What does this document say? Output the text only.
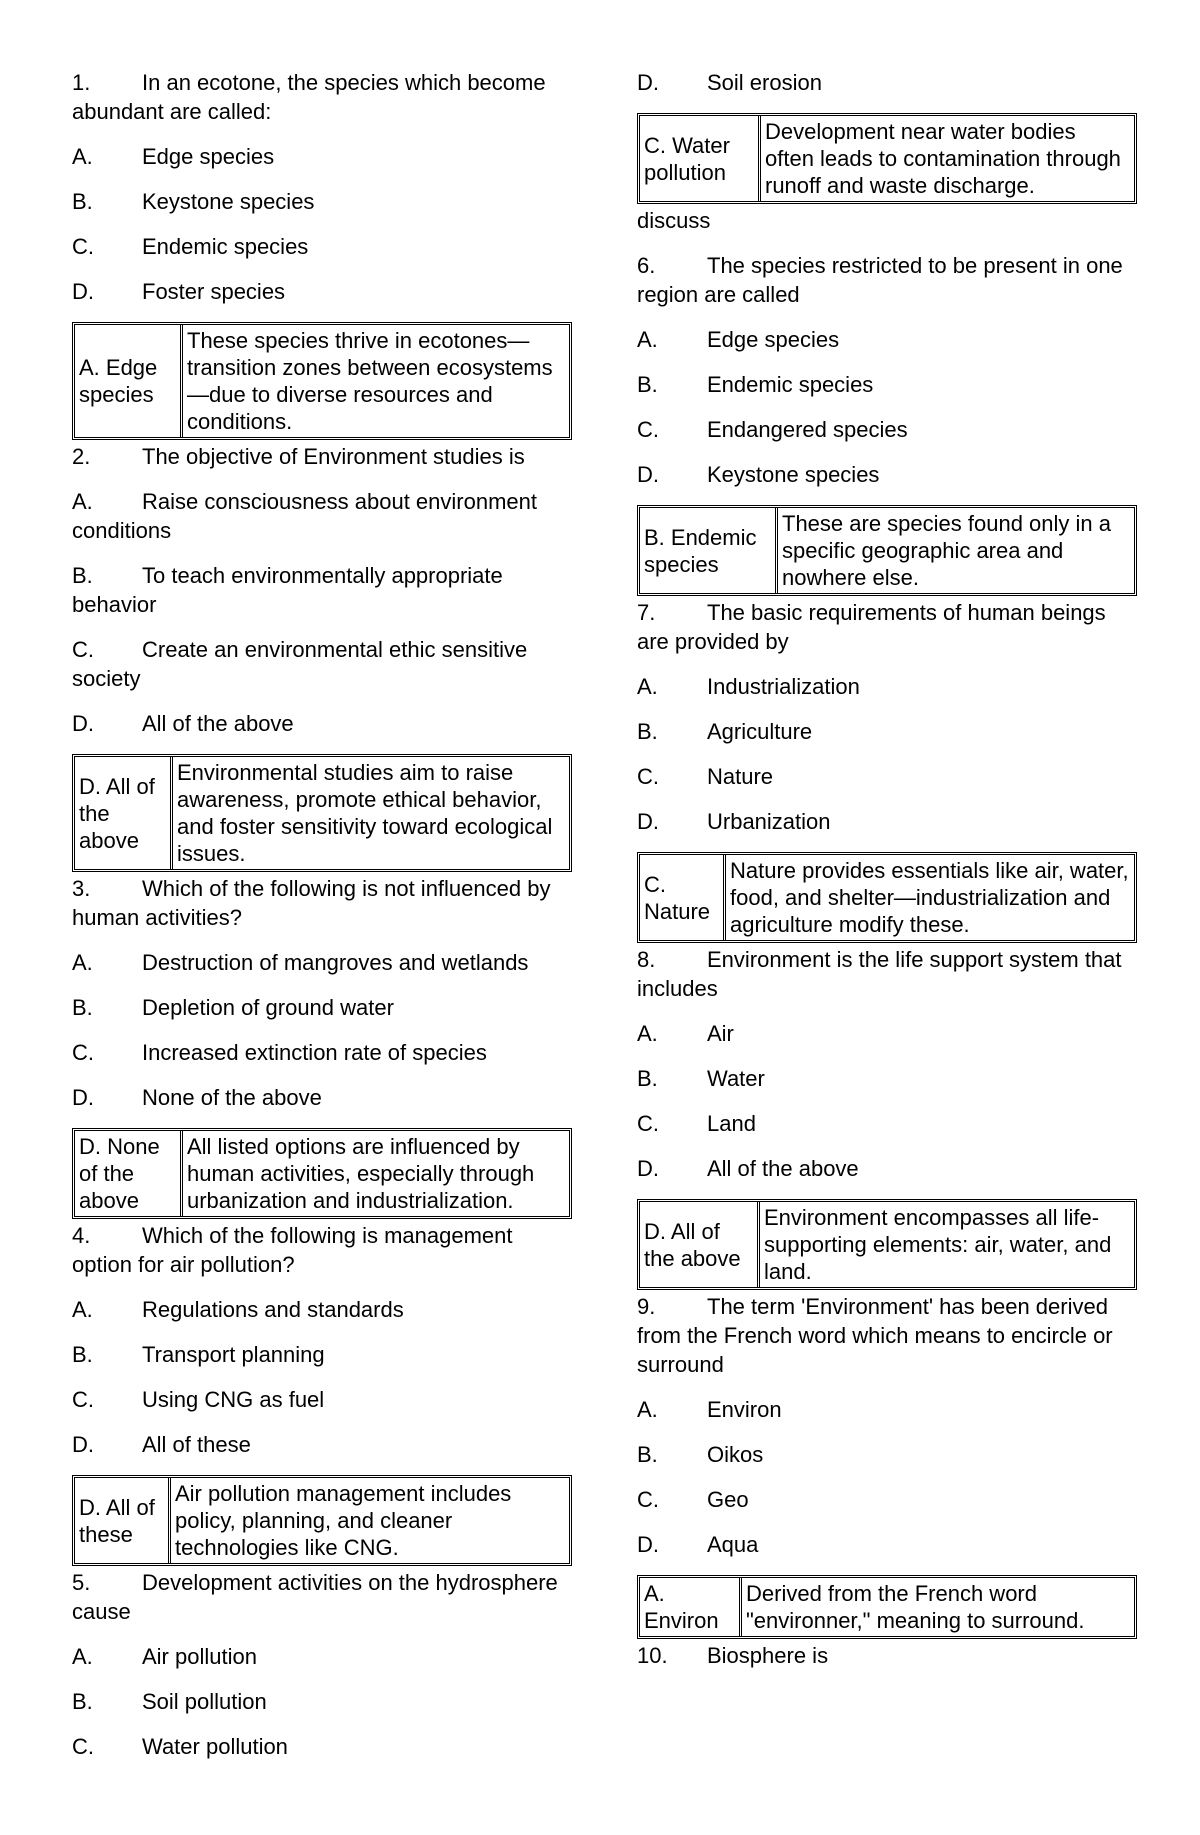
1. In an ecotone, the species which become abundant are called:
A. Edge species
B. Keystone species
C. Endemic species
D. Foster species
A. Edge species
These species thrive in ecotones—transition zones between ecosystems—due to diverse resources and conditions.
2. The objective of Environment studies is
A. Raise consciousness about environment conditions
B. To teach environmentally appropriate behavior
C. Create an environmental ethic sensitive society
D. All of the above
D. All of the above
Environmental studies aim to raise awareness, promote ethical behavior, and foster sensitivity toward ecological issues.
3. Which of the following is not influenced by human activities?
A. Destruction of mangroves and wetlands
B. Depletion of ground water
C. Increased extinction rate of species
D. None of the above
D. None of the above
All listed options are influenced by human activities, especially through urbanization and industrialization.
4. Which of the following is management option for air pollution?
A. Regulations and standards
B. Transport planning
C. Using CNG as fuel
D. All of these
D. All of these
Air pollution management includes policy, planning, and cleaner technologies like CNG.
5. Development activities on the hydrosphere cause
A. Air pollution
B. Soil pollution
C. Water pollution
D. Soil erosion
C. Water pollution
Development near water bodies often leads to contamination through runoff and waste discharge.
discuss
6. The species restricted to be present in one region are called
A. Edge species
B. Endemic species
C. Endangered species
D. Keystone species
B. Endemic species
These are species found only in a specific geographic area and nowhere else.
7. The basic requirements of human beings are provided by
A. Industrialization
B. Agriculture
C. Nature
D. Urbanization
C. Nature
Nature provides essentials like air, water, food, and shelter—industrialization and agriculture modify these.
8. Environment is the life support system that includes
A. Air
B. Water
C. Land
D. All of the above
D. All of the above
Environment encompasses all life-supporting elements: air, water, and land.
9. The term 'Environment' has been derived from the French word which means to encircle or surround
A. Environ
B. Oikos
C. Geo
D. Aqua
A. Environ
Derived from the French word "environner," meaning to surround.
10. Biosphere is
